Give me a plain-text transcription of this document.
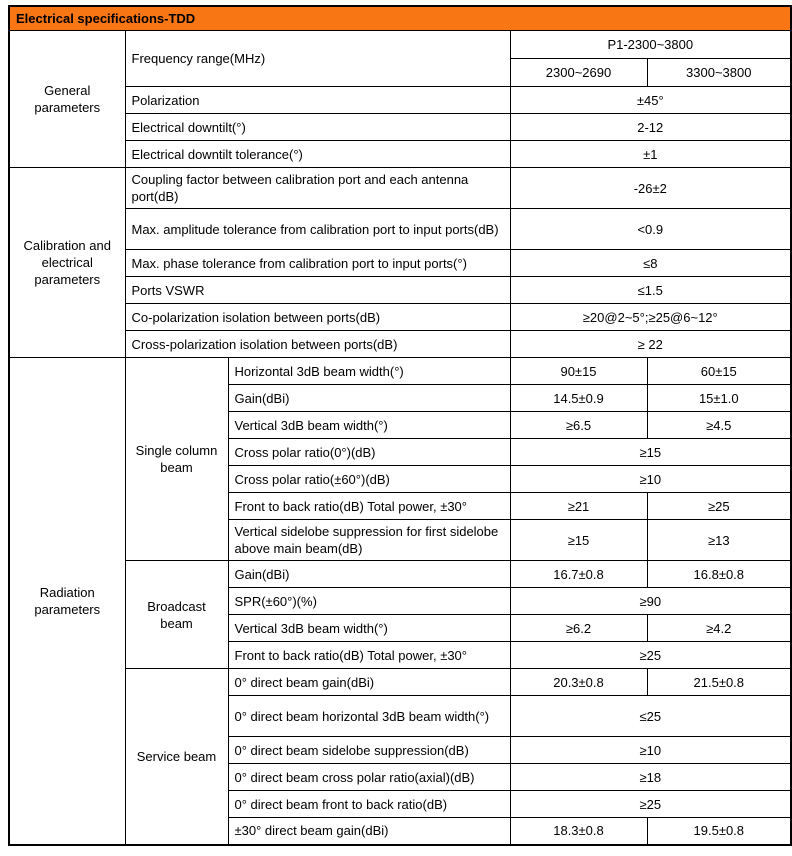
Electrical specifications-TDD				
General parameters	Frequency range(MHz)		P1-2300~3800	
			2300~2690	3300~3800
	Polarization		±45°	
	Electrical downtilt(°)		2-12	
	Electrical downtilt tolerance(°)		±1	
Calibration and electrical parameters	Coupling factor between calibration port and each antenna port(dB)		-26±2	
	Max. amplitude tolerance from calibration port to input ports(dB)		<0.9	
	Max. phase tolerance from calibration port to input ports(°)		≤8	
	Ports VSWR		≤1.5	
	Co-polarization isolation between ports(dB)		≥20@2~5°;≥25@6~12°	
	Cross-polarization isolation between ports(dB)		≥ 22	
Radiation parameters	Single column beam	Horizontal 3dB beam width(°)	90±15	60±15
		Gain(dBi)	14.5±0.9	15±1.0
		Vertical 3dB beam width(°)	≥6.5	≥4.5
		Cross polar ratio(0°)(dB)	≥15	
		Cross polar ratio(±60°)(dB)	≥10	
		Front to back ratio(dB) Total power, ±30°	≥21	≥25
		Vertical sidelobe suppression for first sidelobe above main beam(dB)	≥15	≥13
	Broadcast beam	Gain(dBi)	16.7±0.8	16.8±0.8
		SPR(±60°)(%)	≥90	
		Vertical 3dB beam width(°)	≥6.2	≥4.2
		Front to back ratio(dB) Total power, ±30°	≥25	
	Service beam	0° direct beam gain(dBi)	20.3±0.8	21.5±0.8
		0° direct beam horizontal 3dB beam width(°)	≤25	
		0° direct beam sidelobe suppression(dB)	≥10	
		0° direct beam cross polar ratio(axial)(dB)	≥18	
		0° direct beam front to back ratio(dB)	≥25	
		±30° direct beam gain(dBi)	18.3±0.8	19.5±0.8
